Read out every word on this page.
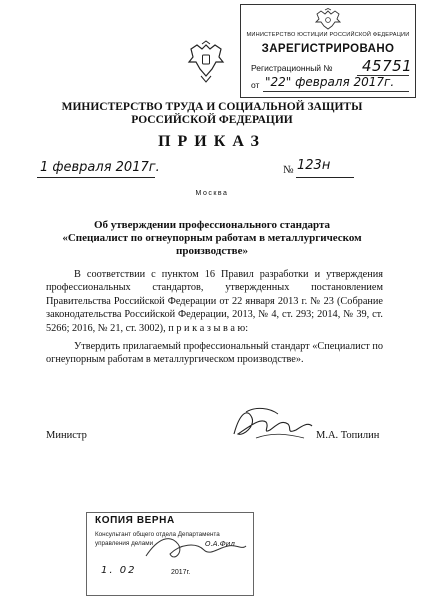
МИНИСТЕРСТВО ЮСТИЦИИ РОССИЙСКОЙ ФЕДЕРАЦИИ
ЗАРЕГИСТРИРОВАНО
Регистрационный № 45751
от "22" февраля 2017г.
МИНИСТЕРСТВО ТРУДА И СОЦИАЛЬНОЙ ЗАЩИТЫ
РОССИЙСКОЙ ФЕДЕРАЦИИ
ПРИКАЗ
1 февраля 2017г.	№ 123н
Москва
Об утверждении профессионального стандарта
«Специалист по огнеупорным работам в металлургическом
производстве»
В соответствии с пунктом 16 Правил разработки и утверждения профессиональных стандартов, утвержденных постановлением Правительства Российской Федерации от 22 января 2013 г. № 23 (Собрание законодательства Российской Федерации, 2013, № 4, ст. 293; 2014, № 39, ст. 5266; 2016, № 21, ст. 3002), п р и к а з ы в а ю:
Утвердить прилагаемый профессиональный стандарт «Специалист по огнеупорным работам в металлургическом производстве».
Министр	М.А. Топилин
КОПИЯ ВЕРНА
Консультант общего отдела Департамента
управления делами	О.А.Фил
1. 02	2017г.
